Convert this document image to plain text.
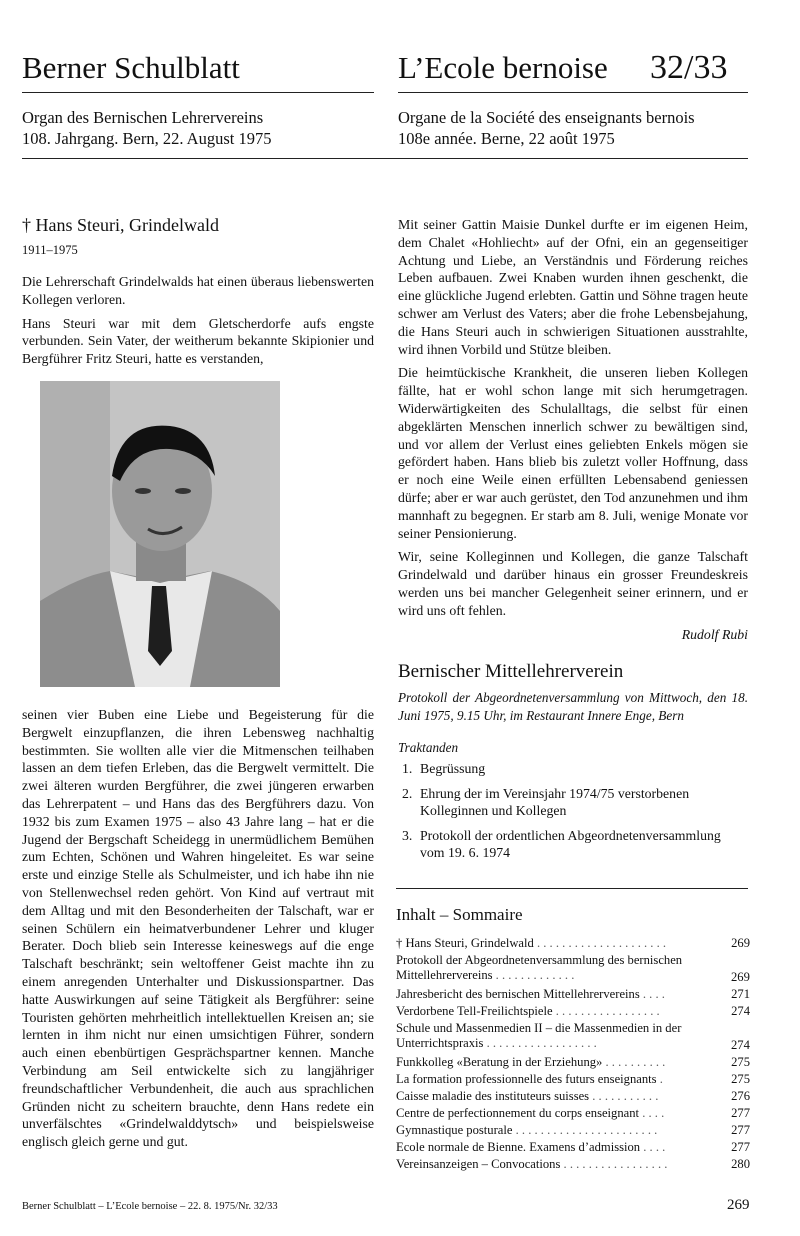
Berner Schulblatt	L’Ecole bernoise 32/33
Organ des Bernischen Lehrervereins
108. Jahrgang. Bern, 22. August 1975
Organe de la Société des enseignants bernois
108e année. Berne, 22 août 1975
† Hans Steuri, Grindelwald
1911–1975

Die Lehrerschaft Grindelwalds hat einen überaus liebenswerten Kollegen verloren.

Hans Steuri war mit dem Gletscherdorfe aufs engste verbunden. Sein Vater, der weitherum bekannte Skipionier und Bergführer Fritz Steuri, hatte es verstanden,

seinen vier Buben eine Liebe und Begeisterung für die Bergwelt einzupflanzen, die ihren Lebensweg nachhaltig bestimmten. Sie wollten alle vier die Mitmenschen teilhaben lassen an dem tiefen Erleben, das die Bergwelt vermittelt. Die zwei älteren wurden Bergführer, die zwei jüngeren erwarben das Lehrerpatent – und Hans das des Bergführers dazu. Von 1932 bis zum Examen 1975 – also 43 Jahre lang – hat er die Jugend der Bergschaft Scheidegg in unermüdlichem Bemühen zum Echten, Schönen und Wahren hingeleitet. Es war seine erste und einzige Stelle als Schulmeister, und ich habe ihn nie von Stellenwechsel reden gehört. Von Kind auf vertraut mit dem Alltag und mit den Besonderheiten der Talschaft, war er seinen Schülern ein heimatverbundener Lehrer und kluger Berater. Doch blieb sein Interesse keineswegs auf die enge Talschaft beschränkt; sein weltoffener Geist machte ihn zu einem anregenden Unterhalter und Diskussionspartner. Das hatte Auswirkungen auf seine Tätigkeit als Bergführer: seine Touristen gehörten mehrheitlich intellektuellen Kreisen an; sie lernten in ihm nicht nur einen umsichtigen Führer, sondern auch einen ebenbürtigen Gesprächspartner kennen. Manche Verbindung am Seil entwickelte sich zu langjähriger freundschaftlicher Verbundenheit, die auch aus sprachlichen Gründen nicht zu scheitern brauchte, denn Hans redete ein unverfälschtes «Grindelwalddytsch» und beispielsweise englisch gleich gerne und gut.

Mit seiner Gattin Maisie Dunkel durfte er im eigenen Heim, dem Chalet «Hohliecht» auf der Ofni, ein an gegenseitiger Achtung und Liebe, an Verständnis und Förderung reiches Leben aufbauen. Zwei Knaben wurden ihnen geschenkt, die eine glückliche Jugend erlebten. Gattin und Söhne tragen heute schwer am Verlust des Vaters; aber die frohe Lebensbejahung, die Hans Steuri auch in schwierigen Situationen ausstrahlte, wird ihnen Vorbild und Stütze bleiben.

Die heimtückische Krankheit, die unseren lieben Kollegen fällte, hat er wohl schon lange mit sich herumgetragen. Widerwärtigkeiten des Schulalltags, die selbst für einen abgeklärten Menschen innerlich schwer zu bewältigen sind, und vor allem der Verlust eines geliebten Enkels mögen sie gefördert haben. Hans blieb bis zuletzt voller Hoffnung, dass er noch eine Weile einen erfüllten Lebensabend geniessen dürfe; aber er war auch gerüstet, den Tod anzunehmen und ihm mannhaft zu begegnen. Er starb am 8. Juli, wenige Monate vor seiner Pensionierung.

Wir, seine Kolleginnen und Kollegen, die ganze Talschaft Grindelwald und darüber hinaus ein grosser Freundeskreis werden uns bei mancher Gelegenheit seiner erinnern, und er wird uns oft fehlen.

Rudolf Rubi

Bernischer Mittellehrerverein
Protokoll der Abgeordnetenversammlung von Mittwoch, den 18. Juni 1975, 9.15 Uhr, im Restaurant Innere Enge, Bern
Traktanden
1. Begrüssung
2. Ehrung der im Vereinsjahr 1974/75 verstorbenen Kolleginnen und Kollegen
3. Protokoll der ordentlichen Abgeordnetenversammlung vom 19. 6. 1974
Inhalt – Sommaire
† Hans Steuri, Grindelwald . . . . . . . . . . . . . . . . . . . . .	269
Protokoll der Abgeordnetenversammlung des bernischen Mittellehrervereins . . . . . . . . . . . . .	269
Jahresbericht des bernischen Mittellehrervereins . . . .	271
Verdorbene Tell-Freilichtspiele . . . . . . . . . . . . . . . . .	274
Schule und Massenmedien II – die Massenmedien in der Unterrichtspraxis . . . . . . . . . . . . . . . . . .	274
Funkkolleg «Beratung in der Erziehung» . . . . . . . . . .	275
La formation professionnelle des futurs enseignants .	275
Caisse maladie des instituteurs suisses . . . . . . . . . . .	276
Centre de perfectionnement du corps enseignant . . . .	277
Gymnastique posturale . . . . . . . . . . . . . . . . . . . . . . .	277
Ecole normale de Bienne. Examens d’admission . . . .	277
Vereinsanzeigen – Convocations . . . . . . . . . . . . . . . . .	280
Berner Schulblatt – L’Ecole bernoise – 22. 8. 1975/Nr. 32/33	269
